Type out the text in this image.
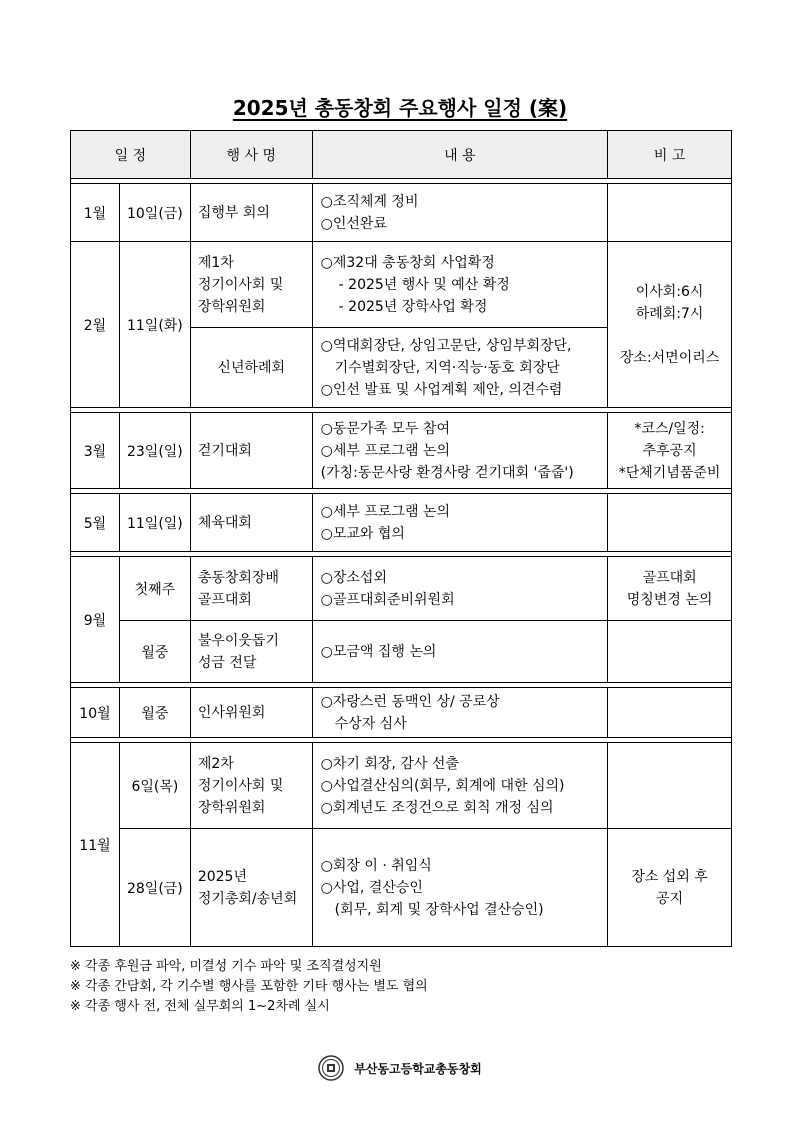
2025년 총동창회 주요행사 일정 (案)
일 정		행 사 명	내 용	비 고

1월	10일(금)	집행부 회의	○조직체계 정비
○인선완료	

2월	11일(화)	제1차
정기이사회 및
장학위원회	○제32대 총동창회 사업확정
- 2025년 행사 및 예산 확정
- 2025년 장학사업 확정	이사회:6시
하례회:7시
장소:서면이리스

		신년하례회	○역대회장단, 상임고문단, 상임부회장단,
기수별회장단, 지역·직능·동호 회장단
○인선 발표 및 사업계획 제안, 의견수렴	

3월	23일(일)	걷기대회	○동문가족 모두 참여
○세부 프로그램 논의
(가칭:동문사랑 환경사랑 걷기대회 '줍줍')	*코스/일정:
추후공지
*단체기념품준비

5월	11일(일)	체육대회	○세부 프로그램 논의
○모교와 협의	

9월	첫째주	총동창회장배
골프대회	○장소섭외
○골프대회준비위원회	골프대회
명칭변경 논의

	월중	불우이웃돕기
성금 전달	○모금액 집행 논의	

10월	월중	인사위원회	○자랑스런 동맥인 상/ 공로상
수상자 심사	

11월	6일(목)	제2차
정기이사회 및
장학위원회	○차기 회장, 감사 선출
○사업결산심의(회무, 회계에 대한 심의)
○회계년도 조정건으로 회칙 개정 심의	

	28일(금)	2025년
정기총회/송년회	○회장 이 · 취임식
○사업, 결산승인
(회무, 회계 및 장학사업 결산승인)	장소 섭외 후
공지
※ 각종 후원금 파악, 미결성 기수 파악 및 조직결성지원
※ 각종 간담회, 각 기수별 행사를 포함한 기타 행사는 별도 협의
※ 각종 행사 전, 전체 실무회의 1~2차례 실시
부산동고등학교총동창회
